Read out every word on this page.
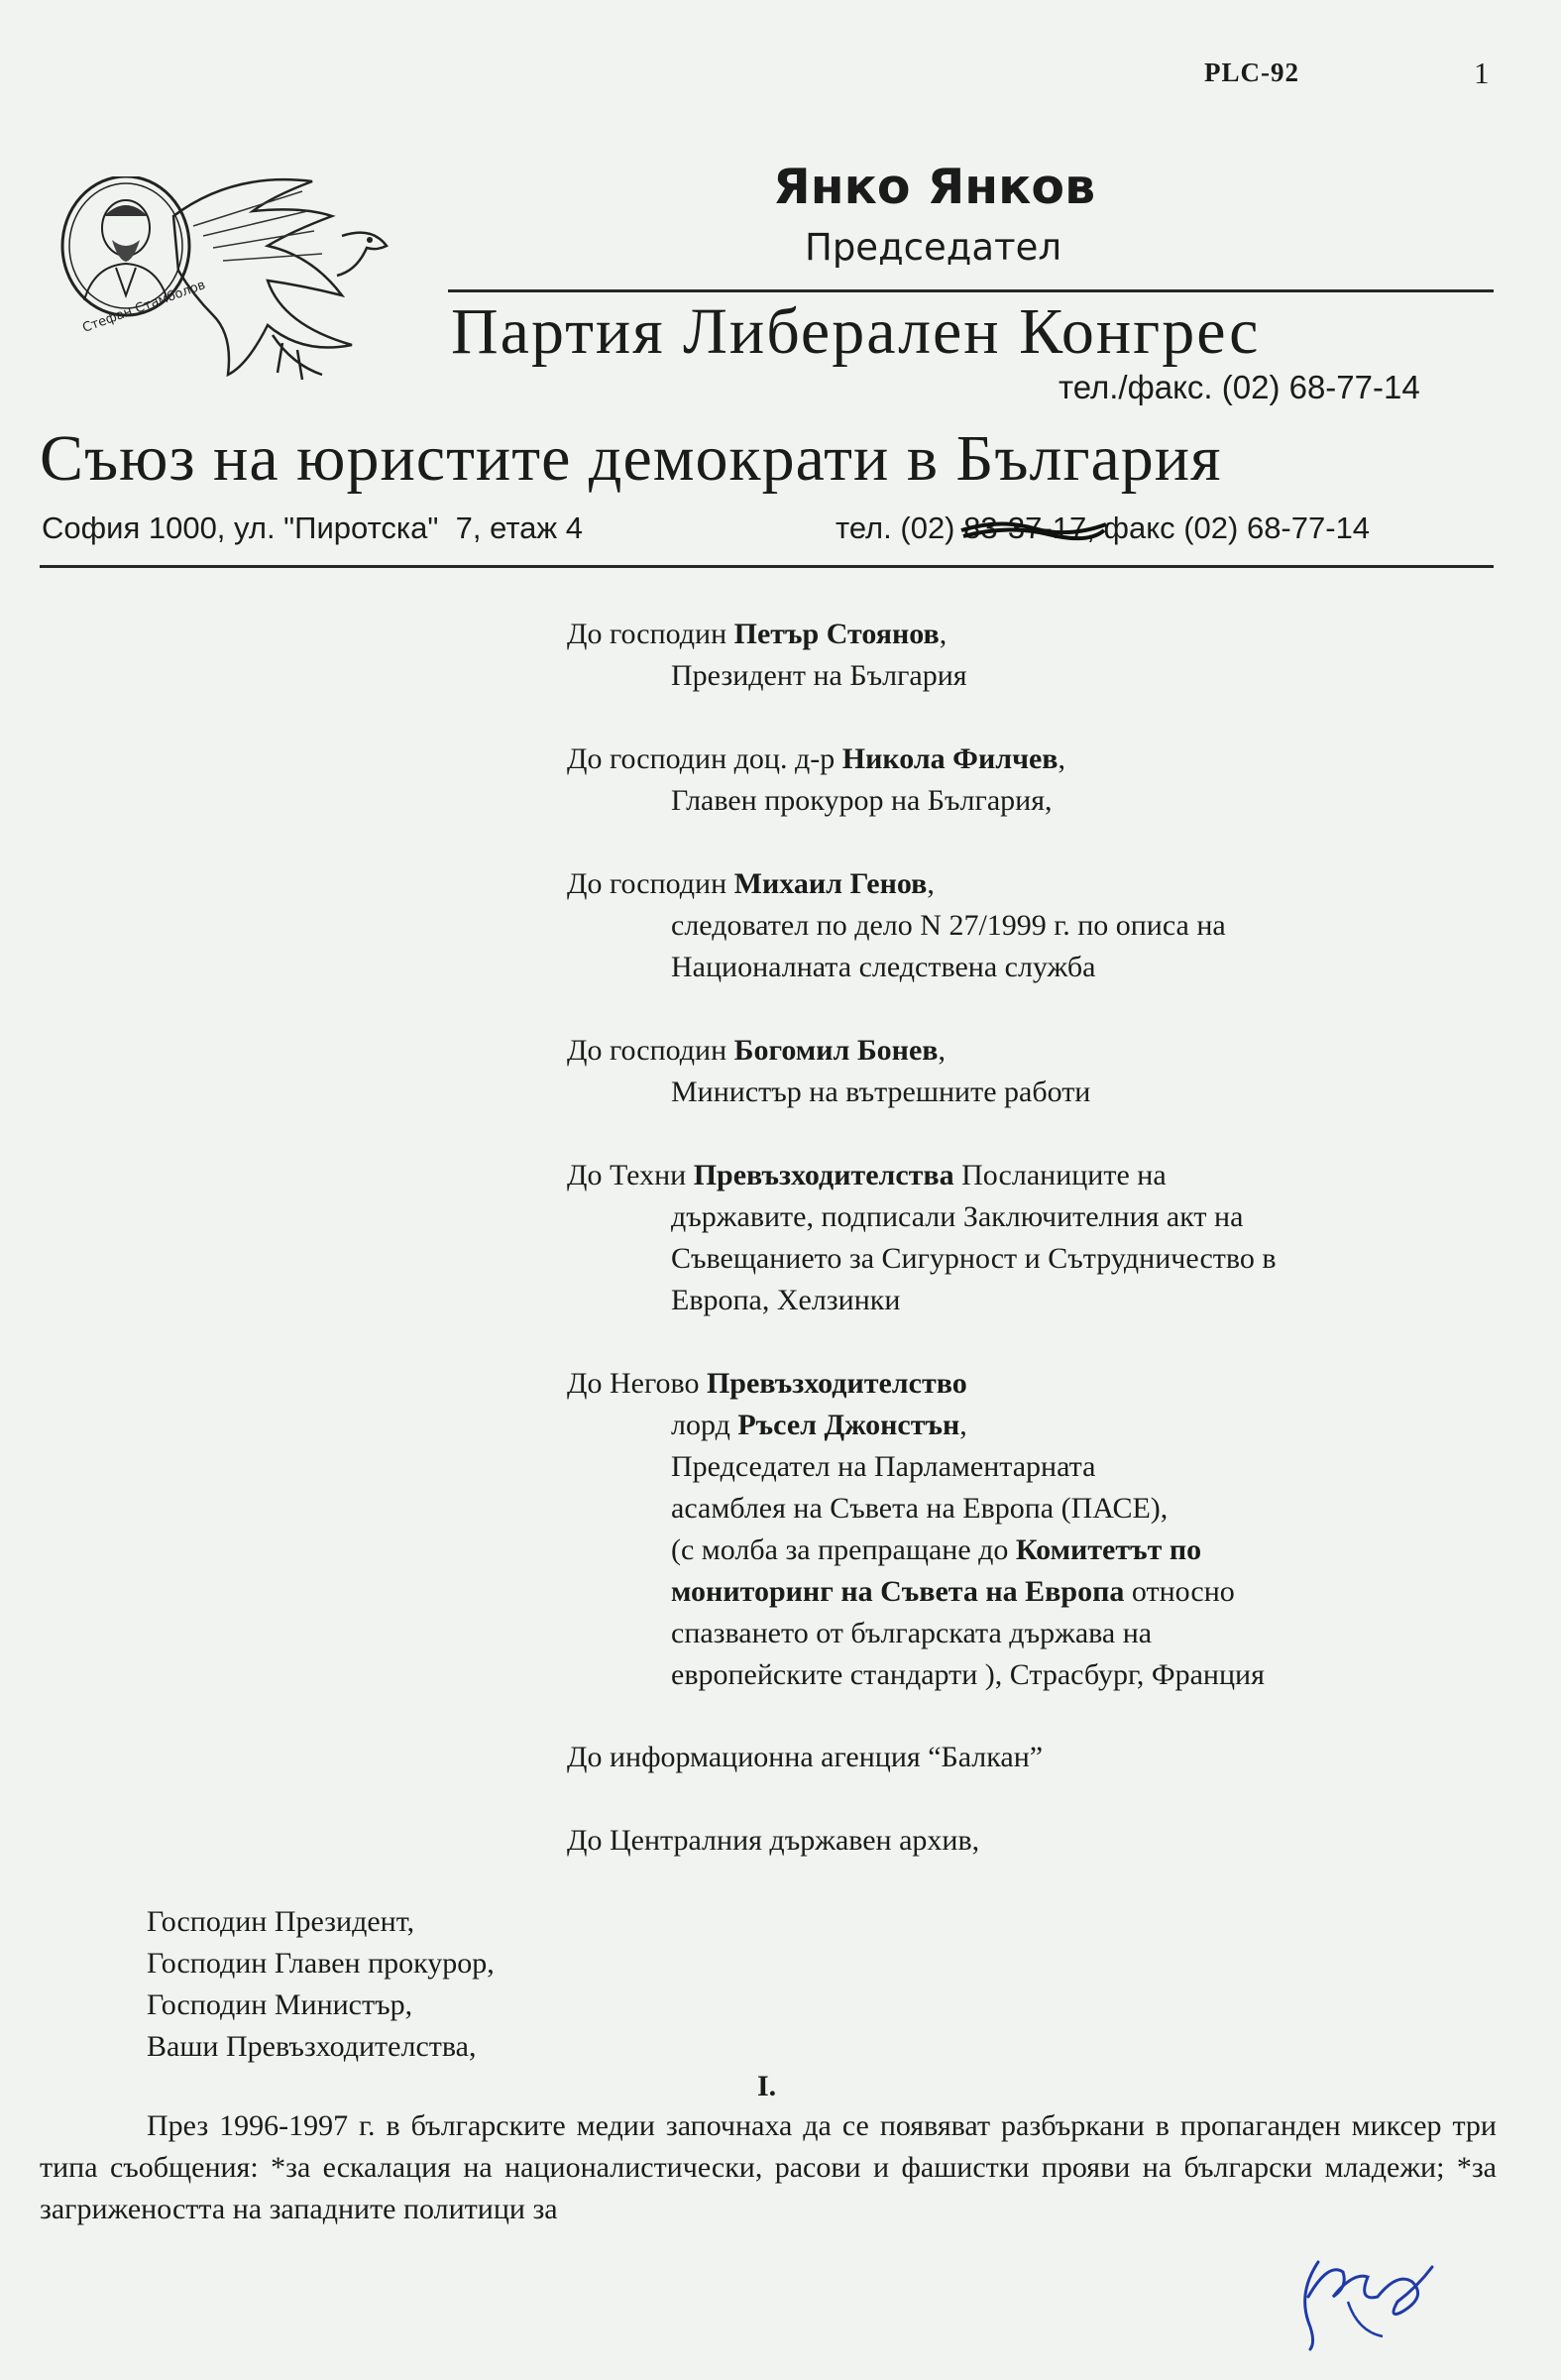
PLC-92	1
Стефан Стамболов
Янко Янков
Председател
Партия Либерален Конгрес
тел./факс. (02) 68-77-14
Съюз на юристите демократи в България
София 1000, ул. "Пиротска"  7, етаж 4	тел. (02) 83-37-17
, факс (02) 68-77-14
До господин Петър Стоянов,
Президент на България
До господин доц. д-р Никола Филчев,
Главен прокурор на България,
До господин Михаил Генов,
следовател по дело N 27/1999 г. по описа на
Националната следствена служба
До господин Богомил Бонев,
Министър на вътрешните работи
До Техни Превъзходителства Посланиците на
държавите, подписали Заключителния акт на
Съвещанието за Сигурност и Сътрудничество в
Европа, Хелзинки
До Негово Превъзходителство
лорд Ръсел Джонстън,
Председател на Парламентарната
асамблея на Съвета на Европа (ПАСЕ),
(с молба за препращане до Комитетът по
мониторинг на Съвета на Европа относно
спазването от българската държава на
европейските стандарти ), Страсбург, Франция
До информационна агенция “Балкан”
До Централния държавен архив,
Господин Президент,
Господин Главен прокурор,
Господин Министър,
Ваши Превъзходителства,
I.

През 1996-1997 г. в българските медии започнаха да се появяват разбъркани в пропаганден миксер три типа съобщения: *за ескалация на националистически, расови и фашистки прояви на български младежи; *за загрижеността на западните политици за
